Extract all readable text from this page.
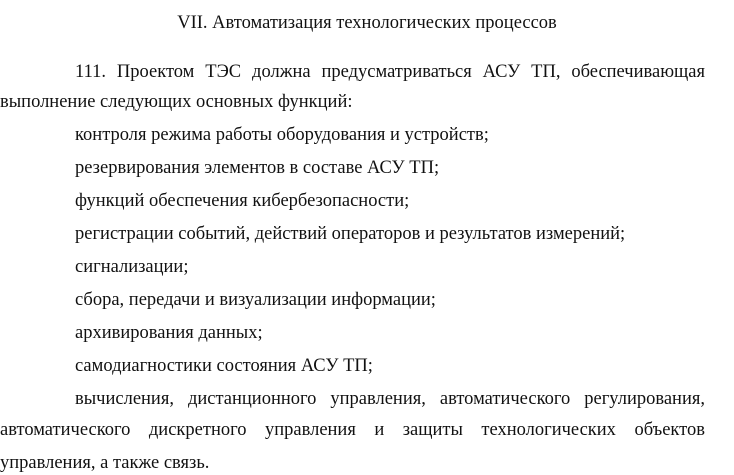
VII. Автоматизация технологических процессов
111. Проектом ТЭС должна предусматриваться АСУ ТП, обеспечивающая
выполнение следующих основных функций:
контроля режима работы оборудования и устройств;
резервирования элементов в составе АСУ ТП;
функций обеспечения кибербезопасности;
регистрации событий, действий операторов и результатов измерений;
сигнализации;
сбора, передачи и визуализации информации;
архивирования данных;
самодиагностики состояния АСУ ТП;
вычисления, дистанционного управления, автоматического регулирования,
автоматического дискретного управления и защиты технологических объектов
управления, а также связь.
